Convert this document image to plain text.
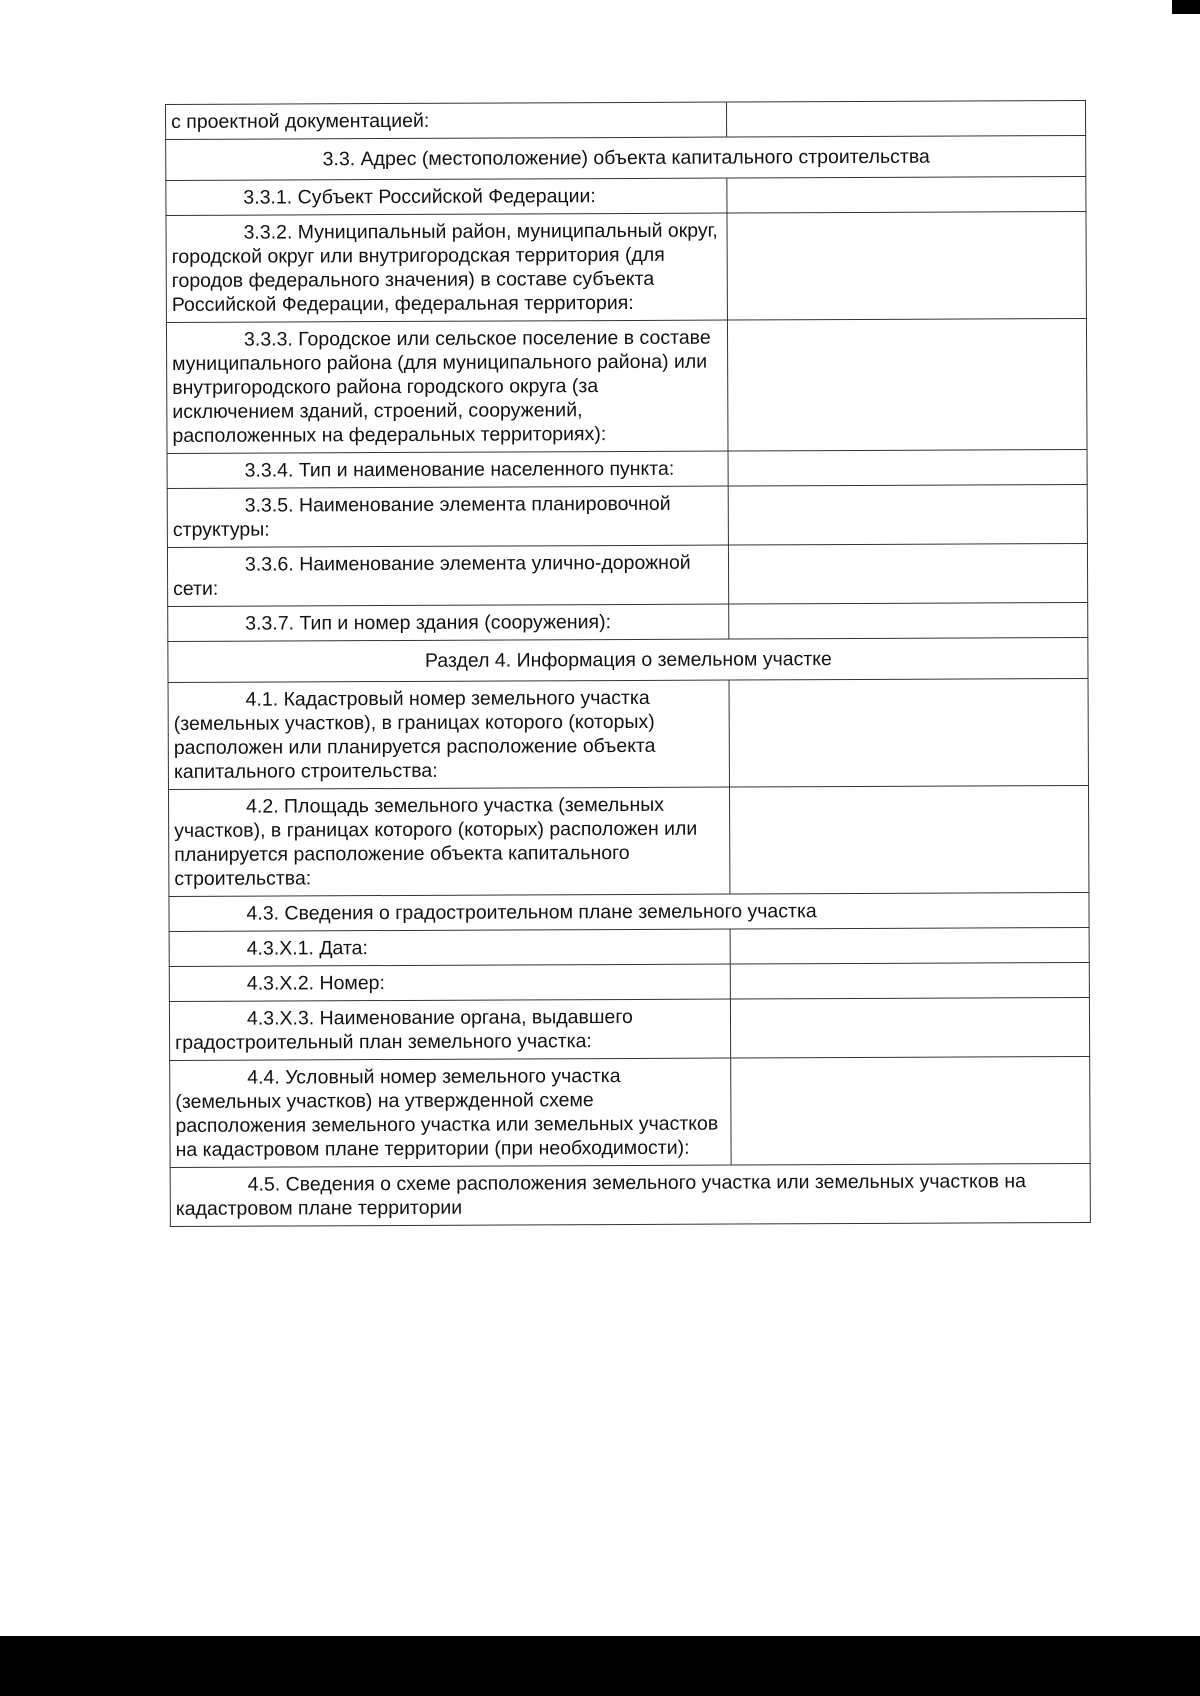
с проектной документацией:	
3.3. Адрес (местоположение) объекта капитального строительства	
3.3.1. Субъект Российской Федерации:	
3.3.2. Муниципальный район, муниципальный округ, городской округ или внутригородская территория (для городов федерального значения) в составе субъекта Российской Федерации, федеральная территория:	
3.3.3. Городское или сельское поселение в составе муниципального района (для муниципального района) или внутригородского района городского округа (за исключением зданий, строений, сооружений, расположенных на федеральных территориях):	
3.3.4. Тип и наименование населенного пункта:	
3.3.5. Наименование элемента планировочной структуры:	
3.3.6. Наименование элемента улично-дорожной сети:	
3.3.7. Тип и номер здания (сооружения):	
Раздел 4. Информация о земельном участке	
4.1. Кадастровый номер земельного участка (земельных участков), в границах которого (которых) расположен или планируется расположение объекта капитального строительства:	
4.2. Площадь земельного участка (земельных участков), в границах которого (которых) расположен или планируется расположение объекта капитального строительства:	
4.3. Сведения о градостроительном плане земельного участка	
4.3.X.1. Дата:	
4.3.X.2. Номер:	
4.3.X.3. Наименование органа, выдавшего градостроительный план земельного участка:	
4.4. Условный номер земельного участка (земельных участков) на утвержденной схеме расположения земельного участка или земельных участков на кадастровом плане территории (при необходимости):	
4.5. Сведения о схеме расположения земельного участка или земельных участков на кадастровом плане территории	
